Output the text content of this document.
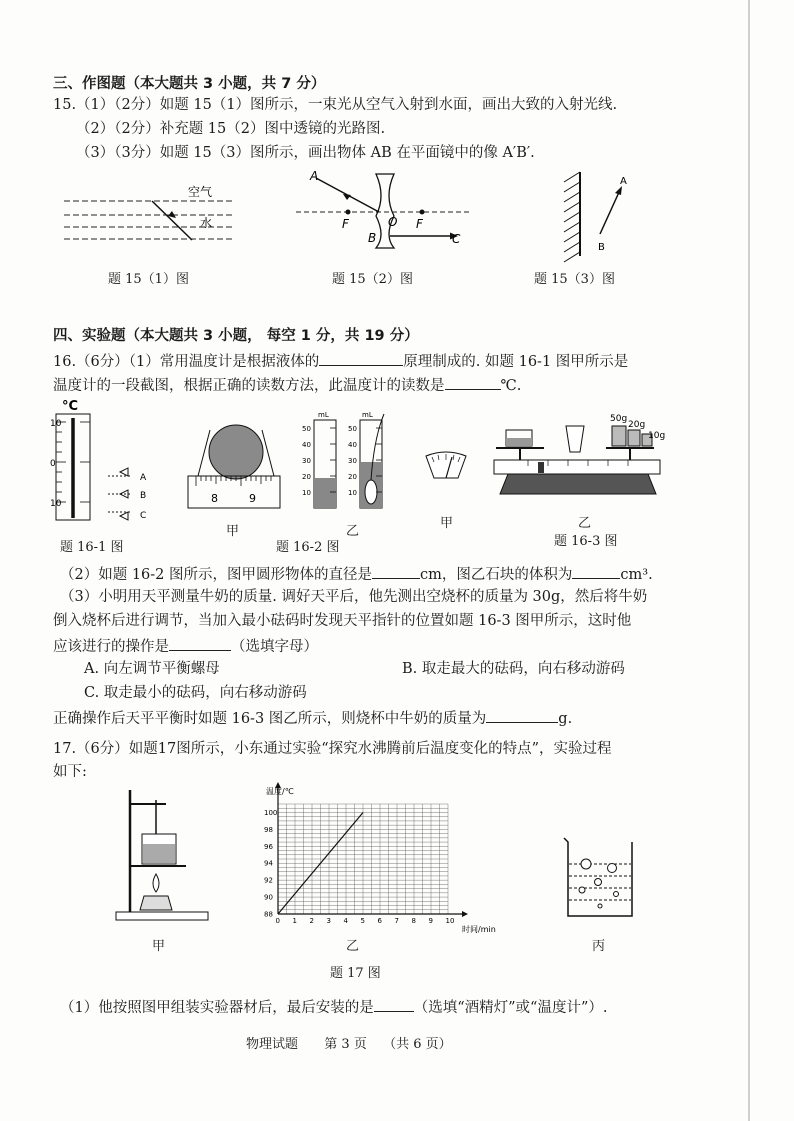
三、作图题（本大题共 3 小题，共 7 分）
15.（1）（2分）如题 15（1）图所示，一束光从空气入射到水面，画出大致的入射光线.
（2）（2分）补充题 15（2）图中透镜的光路图.
（3）（3分）如题 15（3）图所示，画出物体 AB 在平面镜中的像 A′B′.
空气
水
题 15（1）图
A
B	C
F	F
O
题 15（2）图
A
B
题 15（3）图
四、实验题（本大题共 3 小题， 每空 1 分，共 19 分）
16.（6分）（1）常用温度计是根据液体的	原理制成的. 如题 16-1 图甲所示是
温度计的一段截图，根据正确的读数方法，此温度计的读数是	℃.
°C
10
0
10
A
B
C
题 16-1 图
8	9
甲
mL
50
40
30
20
10
mL
50
40
30
20
10
乙
题 16-2 图
甲
50g
20g
10g
乙
题 16-3 图
（2）如题 16-2 图所示，图甲圆形物体的直径是	cm，图乙石块的体积为	cm³.
（3）小明用天平测量牛奶的质量. 调好天平后，他先测出空烧杯的质量为 30g，然后将牛奶
倒入烧杯后进行调节，当加入最小砝码时发现天平指针的位置如题 16-3 图甲所示，这时他
应该进行的操作是	（选填字母）
A. 向左调节平衡螺母	B. 取走最大的砝码，向右移动游码
C. 取走最小的砝码，向右移动游码
正确操作后天平平衡时如题 16-3 图乙所示，则烧杯中牛奶的质量为	g.
17.（6分）如题17图所示，小东通过实验“探究水沸腾前后温度变化的特点”，实验过程
如下:
甲
0 1 2 3 4 5 6 7 8 9 10
88
90
92
94
96
98
100
温度/℃
时间/min
乙	丙
题 17 图
（1）他按照图甲组装实验器材后，最后安装的是	（选填“酒精灯”或“温度计”）.
物理试题 第 3 页 （共 6 页）
